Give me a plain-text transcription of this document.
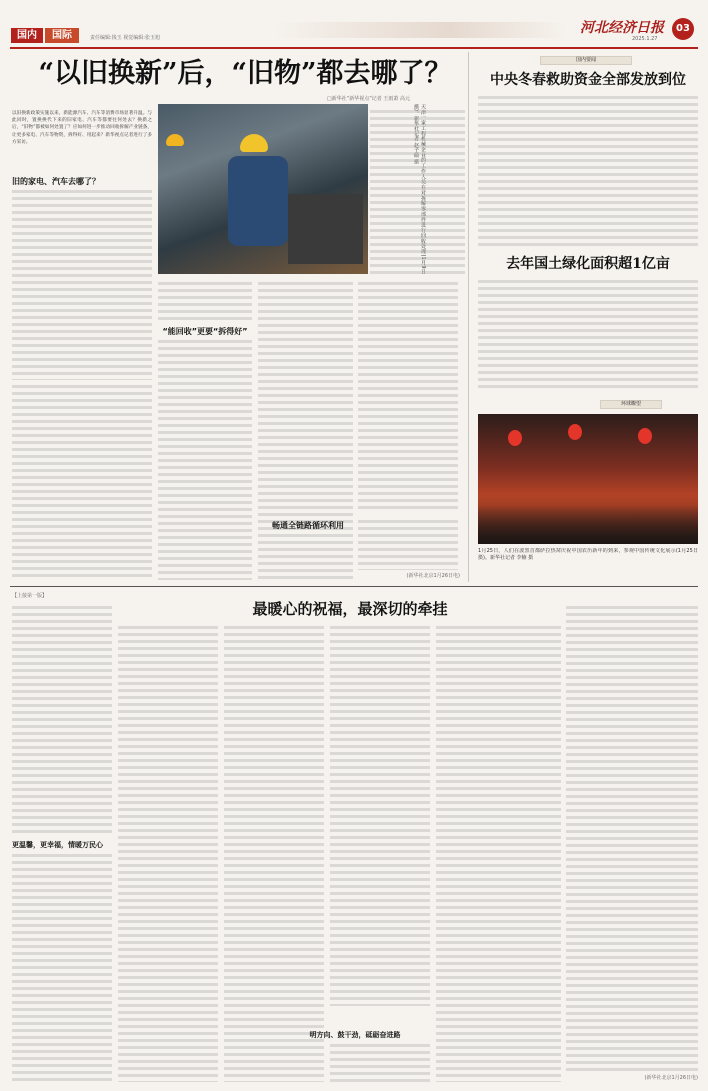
国内	国际	责任编辑:钱玉 视觉编辑:张玉旭
河北经济日报
2025.1.27
03
“以旧换新”后，“旧物”都去哪了？
□新华社“新华视点”记者 王雨萧 高元
以旧换新政策实施以来，新能源汽车、汽车等消费市场显著升温。与此同时，置换换代下来的旧家电、汽车等都要往何处去？换新之后，“旧物”都被如何处置了？应如何进一步推动回收拆解产业链条，让更多家电、汽车等物资，拆得好、用起来？新华视点记者进行了多方采访。
旧的家电、汽车去哪了？	天津一家工程机械企业的工作人员在对拆解零部件进行回收处理(1月9日摄)。新华社记者 赵子硕 摄
“能回收”更要“拆得好”
畅通全链路循环利用
(新华社北京1月26日电)
国内要闻
中央冬春救助资金全部发放到位
去年国土绿化面积超1亿亩
环球瞭望
1月25日，人们在波黑首都萨拉热窝庆祝中国农历新年的到来，参观中国传统文化展示(1月25日摄)。新华社记者 李楠 摄
【上接第一版】
最暖心的祝福，最深切的牵挂
更温馨，更幸福，情暖万民心
明方向、鼓干劲，砥砺奋进路
(新华社北京1月26日电)
